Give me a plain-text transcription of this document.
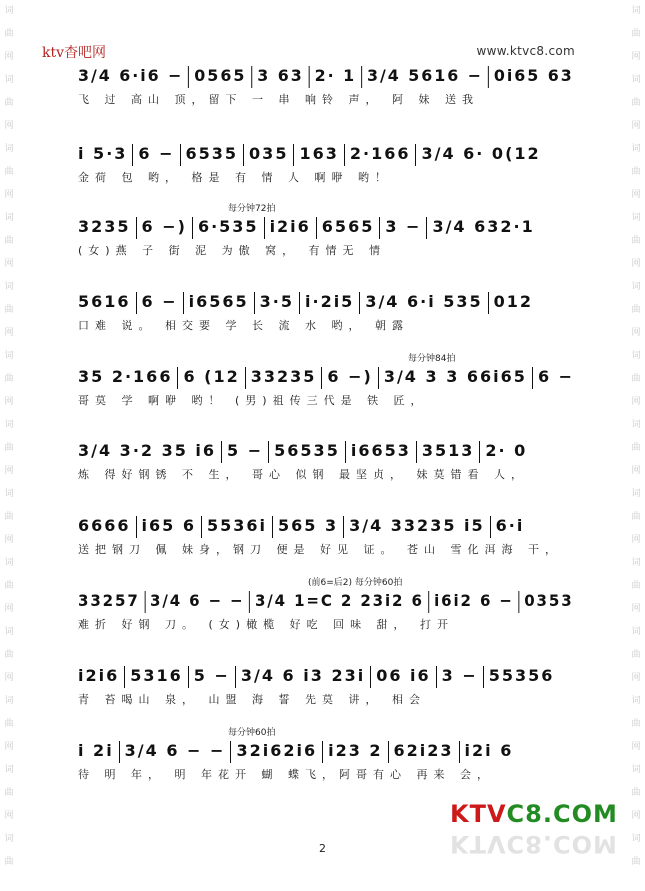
词
曲
网
词
曲
网
词
曲
网
词
曲
网
词
曲
网
词
曲
网
词
曲
网
词
曲
网
词
曲
网
词
曲
网
词
曲
网
词
曲
网
词
曲
词
曲
网
词
曲
网
词
曲
网
词
曲
网
词
曲
网
词
曲
网
词
曲
网
词
曲
网
词
曲
网
词
曲
网
词
曲
网
词
曲
网
词
曲
ktv杳吧网	www.ktvc8.com
3/4 6·i6 − 0565 3 63 2· 1 3/4 5616 − 0i65 63
飞 过 高山 顶，留下 一 串 响铃 声， 阿 妹 送我
i 5·3 6 − 6535 035 163 2·166 3/4 6· 0(12
金荷 包 哟， 格是 有 情 人 啊咿 哟！
每分钟72拍
3235 6 −) 6·535 i2i6 6565 3 − 3/4 632·1
(女)燕 子 街 泥 为傲 窝， 有情无 情
5616 6 − i6565 3·5 i·2i5 3/4 6·i 535 012
口难 说。 相交要 学 长 流 水 哟， 朝露
每分钟84拍
35 2·166 6 (12 33235 6 −) 3/4 3 3 66i65 6 −
哥莫 学 啊咿 哟！ (男)祖传三代是 铁 匠，
3/4 3·2 35 i6 5 − 56535 i6653 3513 2· 0
炼 得好钢锈 不 生， 哥心 似钢 最坚贞， 妹莫错看 人，
6666 i65 6 5536i 565 3 3/4 33235 i5 6·i
送把钢刀 佩 妹身，钢刀 便是 好见 证。 苍山 雪化洱海 干，
(前6=后2) 每分钟60拍
33257 3/4 6 − − 3/4 1=C 2 23i2 6 i6i2 6 − 0353
难折 好钢 刀。 (女)橄榄 好吃 回味 甜， 打开
i2i6 5316 5 − 3/4 6 i3 23i 06 i6 3 − 55356
青 苔喝山 泉， 山盟 海 誓 先莫 讲， 相会
每分钟60拍
i 2i 3/4 6 − − 32i62i6 i23 2 62i23 i2i 6
待 明 年， 明 年花开 蝴 蝶飞，阿哥有心 再来 会，
2
KTVC8.COM
KTVC8.COM
